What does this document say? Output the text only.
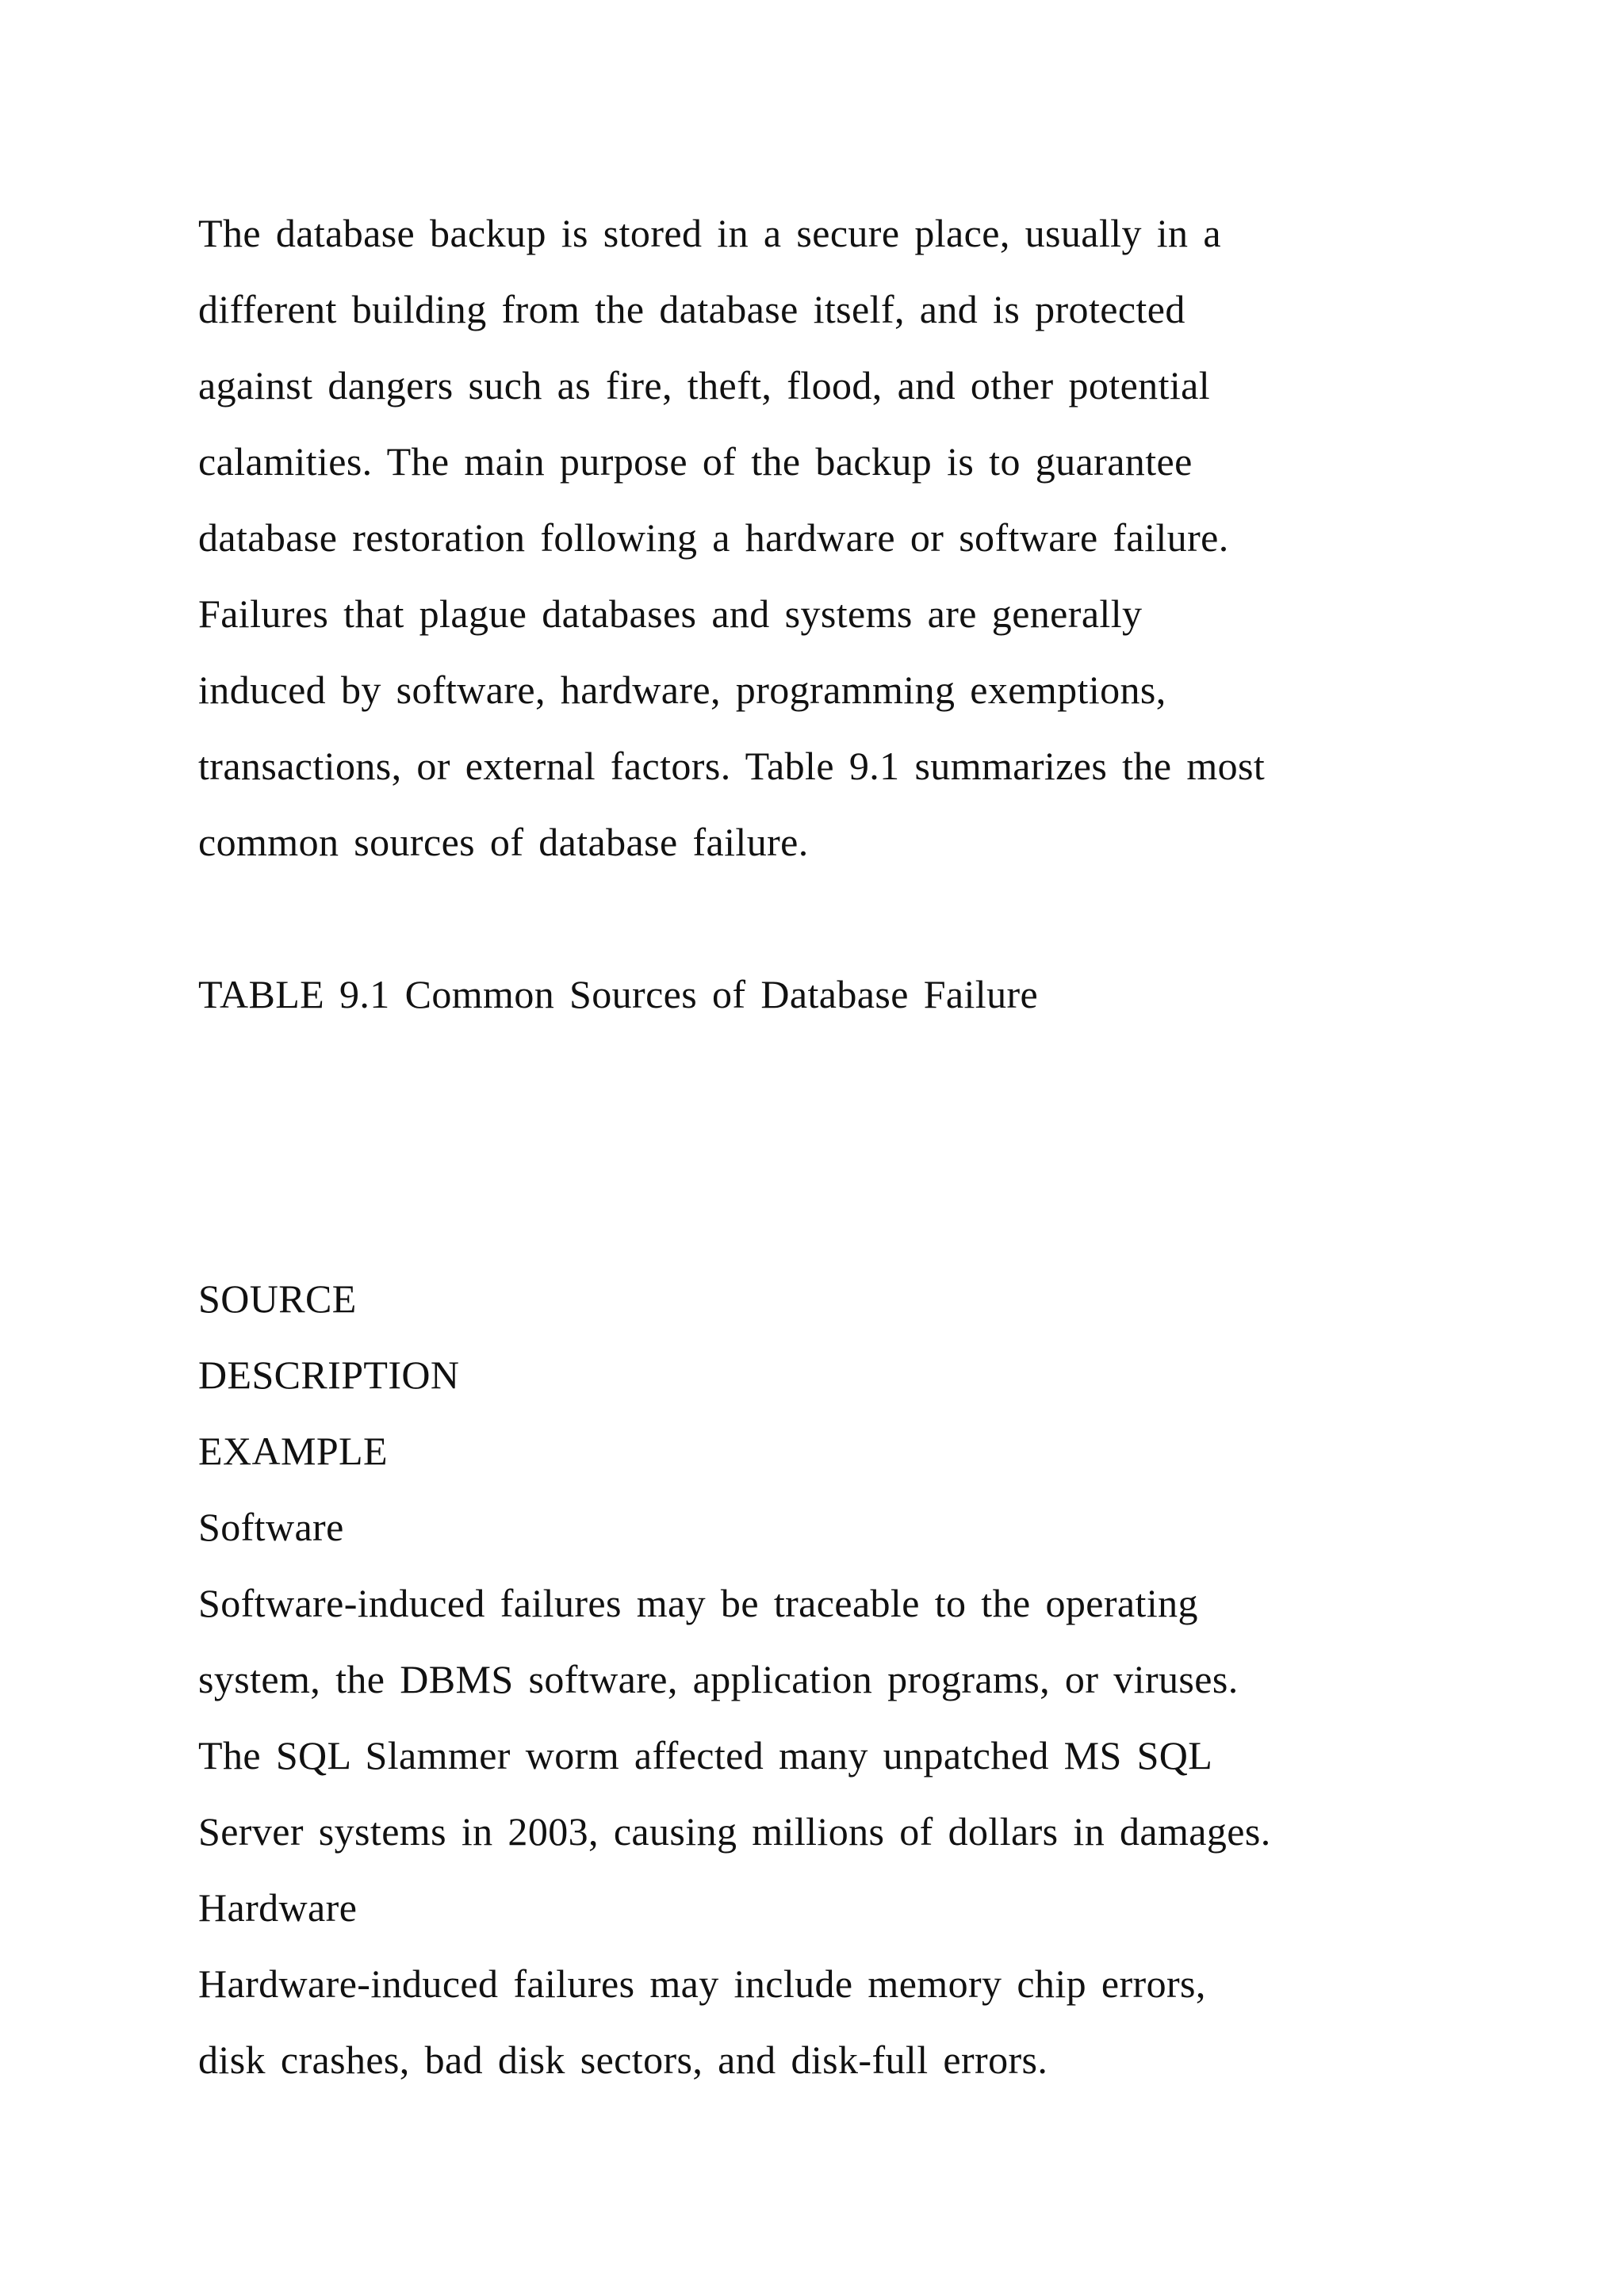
The database backup is stored in a secure place, usually in a
different building from the database itself, and is protected
against dangers such as fire, theft, flood, and other potential
calamities. The main purpose of the backup is to guarantee
database restoration following a hardware or software failure.
Failures that plague databases and systems are generally
induced by software, hardware, programming exemptions,
transactions, or external factors. Table 9.1 summarizes the most
common sources of database failure.
TABLE 9.1 Common Sources of Database Failure
SOURCE
DESCRIPTION
EXAMPLE
Software
Software-induced failures may be traceable to the operating
system, the DBMS software, application programs, or viruses.
The SQL Slammer worm affected many unpatched MS SQL
Server systems in 2003, causing millions of dollars in damages.
Hardware
Hardware-induced failures may include memory chip errors,
disk crashes, bad disk sectors, and disk-full errors.
